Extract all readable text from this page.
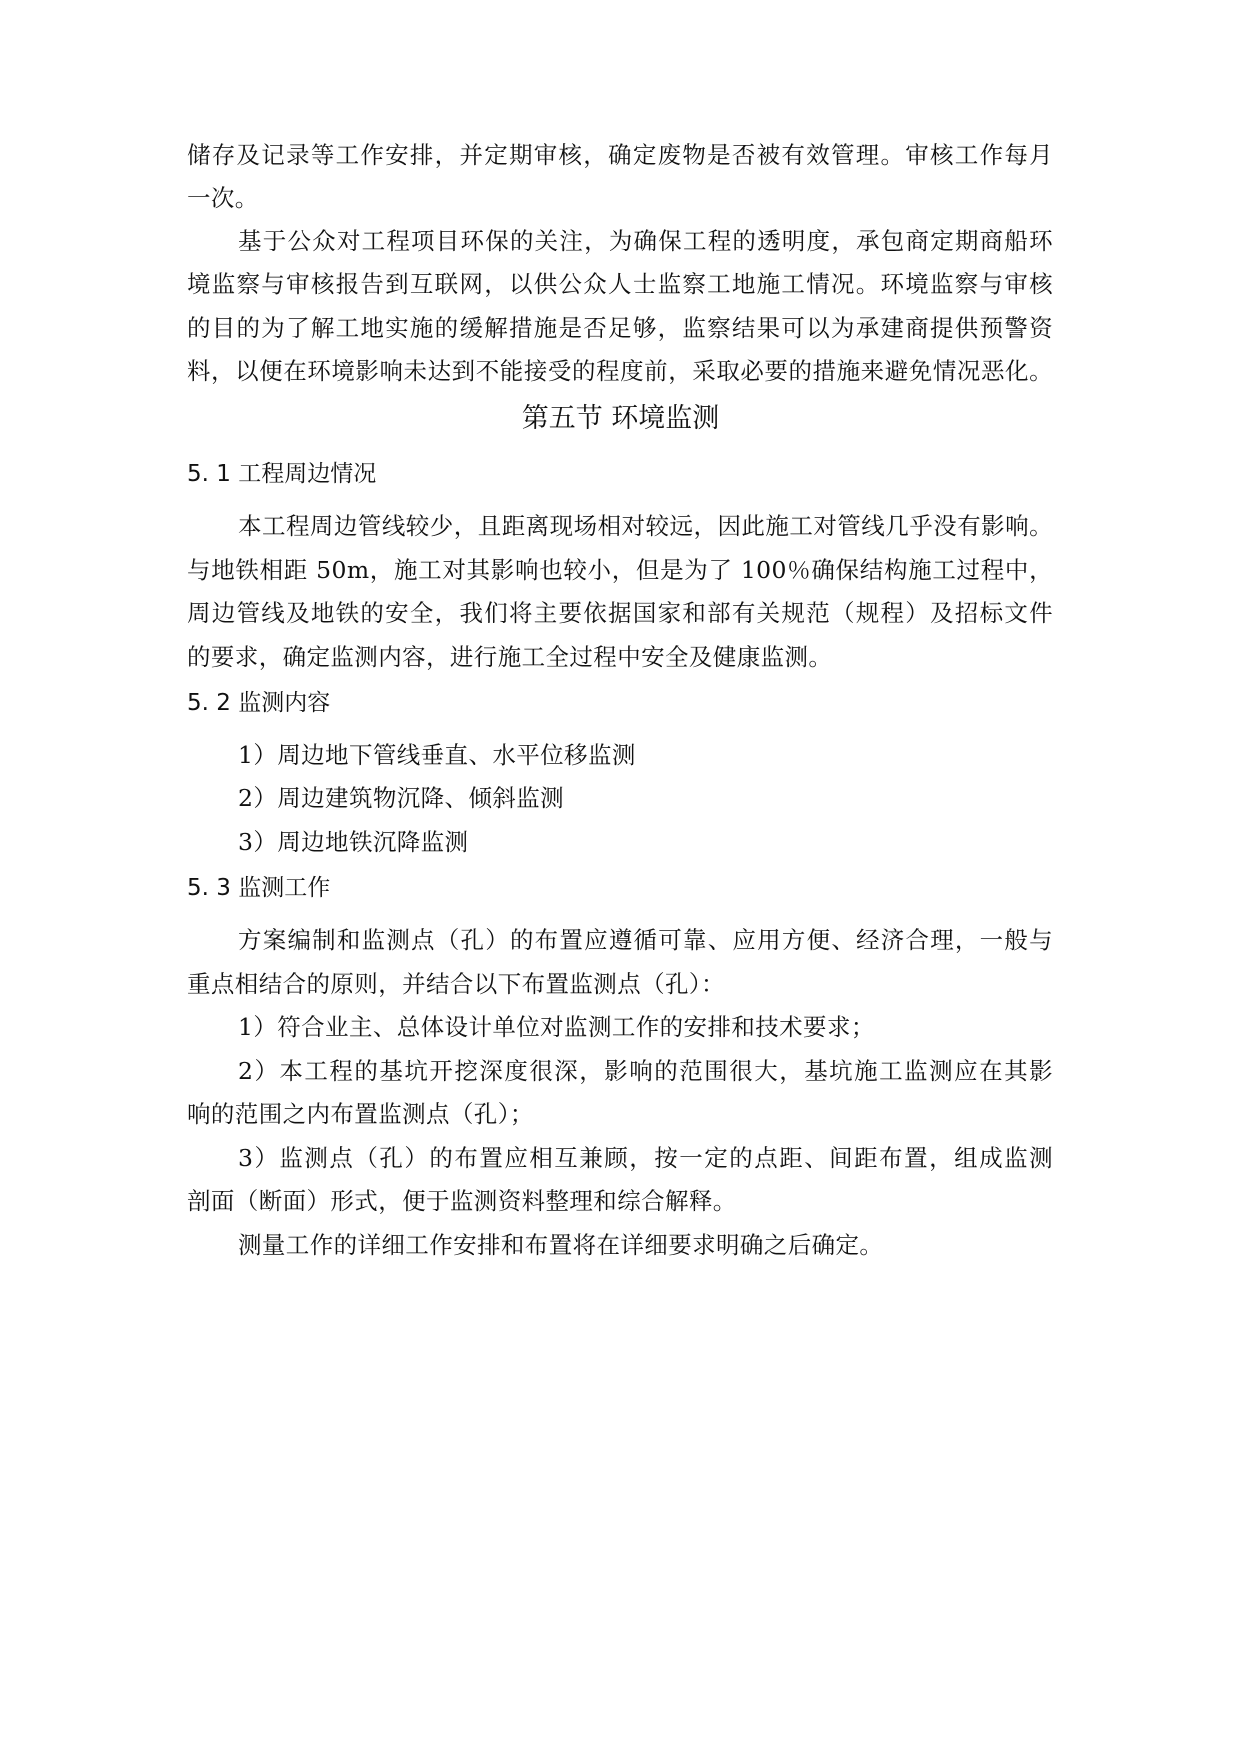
储存及记录等工作安排，并定期审核，确定废物是否被有效管理。审核工作每月
一次。
基于公众对工程项目环保的关注，为确保工程的透明度，承包商定期商船环
境监察与审核报告到互联网，以供公众人士监察工地施工情况。环境监察与审核
的目的为了解工地实施的缓解措施是否足够，监察结果可以为承建商提供预警资
料，以便在环境影响未达到不能接受的程度前，采取必要的措施来避免情况恶化。
第五节 环境监测
5. 1 工程周边情况
本工程周边管线较少，且距离现场相对较远，因此施工对管线几乎没有影响。
与地铁相距 50m，施工对其影响也较小，但是为了 100％确保结构施工过程中，
周边管线及地铁的安全，我们将主要依据国家和部有关规范（规程）及招标文件
的要求，确定监测内容，进行施工全过程中安全及健康监测。
5. 2 监测内容
1）周边地下管线垂直、水平位移监测
2）周边建筑物沉降、倾斜监测
3）周边地铁沉降监测
5. 3 监测工作
方案编制和监测点（孔）的布置应遵循可靠、应用方便、经济合理，一般与
重点相结合的原则，并结合以下布置监测点（孔）：
1）符合业主、总体设计单位对监测工作的安排和技术要求；
2）本工程的基坑开挖深度很深，影响的范围很大，基坑施工监测应在其影
响的范围之内布置监测点（孔）；
3）监测点（孔）的布置应相互兼顾，按一定的点距、间距布置，组成监测
剖面（断面）形式，便于监测资料整理和综合解释。
测量工作的详细工作安排和布置将在详细要求明确之后确定。
